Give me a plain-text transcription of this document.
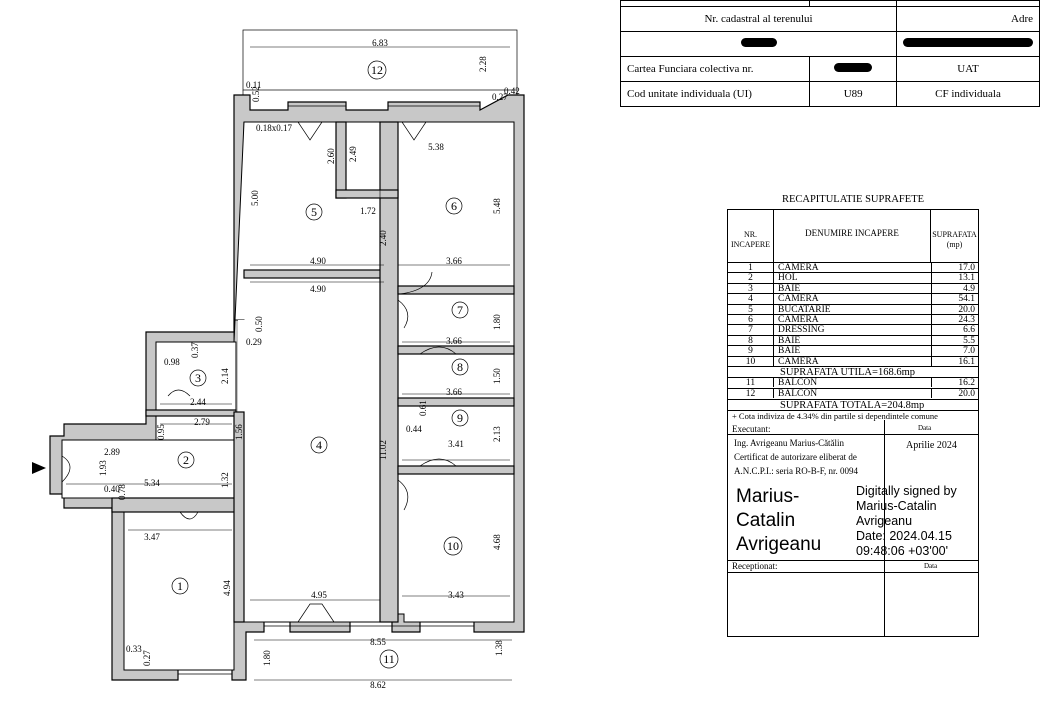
1
2
3
4
5	6
7
8
9
10
11
12
6.83
2.28
0.11
0.52	0.27
0.42
0.18x0.17
2.60 2.49	5.38
5.00
1.72	5.48
2.40
4.90	3.66
4.90
0.50
0.29
1.80
3.66
0.98
0.37
2.14	1.50
3.66
2.44	0.61
0.95
2.79
1.56	0.44
3.41
2.13
11.02
2.89
1.93
0.40
0.78
5.34	1.32
3.47	4.68
4.94	3.43
4.95
0.33
0.27
8.55
1.80
1.38
8.62

Nr. cadastral al terenului		Adre

Cartea Funciara colectiva nr.		UAT
Cod unitate individuala (UI)	U89	CF individuala
RECAPITULATIE SUPRAFETE
NR. INCAPERE
DENUMIRE INCAPERE	SUPRAFATA (mp)
1	CAMERA	17.0
2	HOL	13.1
3	BAIE	4.9
4	CAMERA	54.1
5	BUCATARIE	20.0
6	CAMERA	24.3
7	DRESSING	6.6
8	BAIE	5.5
9	BAIE	7.0
10	CAMERA	16.1
SUPRAFATA UTILA=168.6mp
11	BALCON	16.2
12	BALCON	20.0
SUPRAFATA TOTALA=204.8mp
+ Cota indiviza de 4.34% din partile si dependintele comune
Executant:	Data
Ing. Avrigeanu Marius-Cătălin
Certificat de autorizare eliberat de
A.N.C.P.I.: seria RO-B-F, nr. 0094
Aprilie 2024
Marius-
Catalin
Avrigeanu
Digitally signed by
Marius-Catalin
Avrigeanu
Date: 2024.04.15
09:48:06 +03'00'
Receptionat:	Data
